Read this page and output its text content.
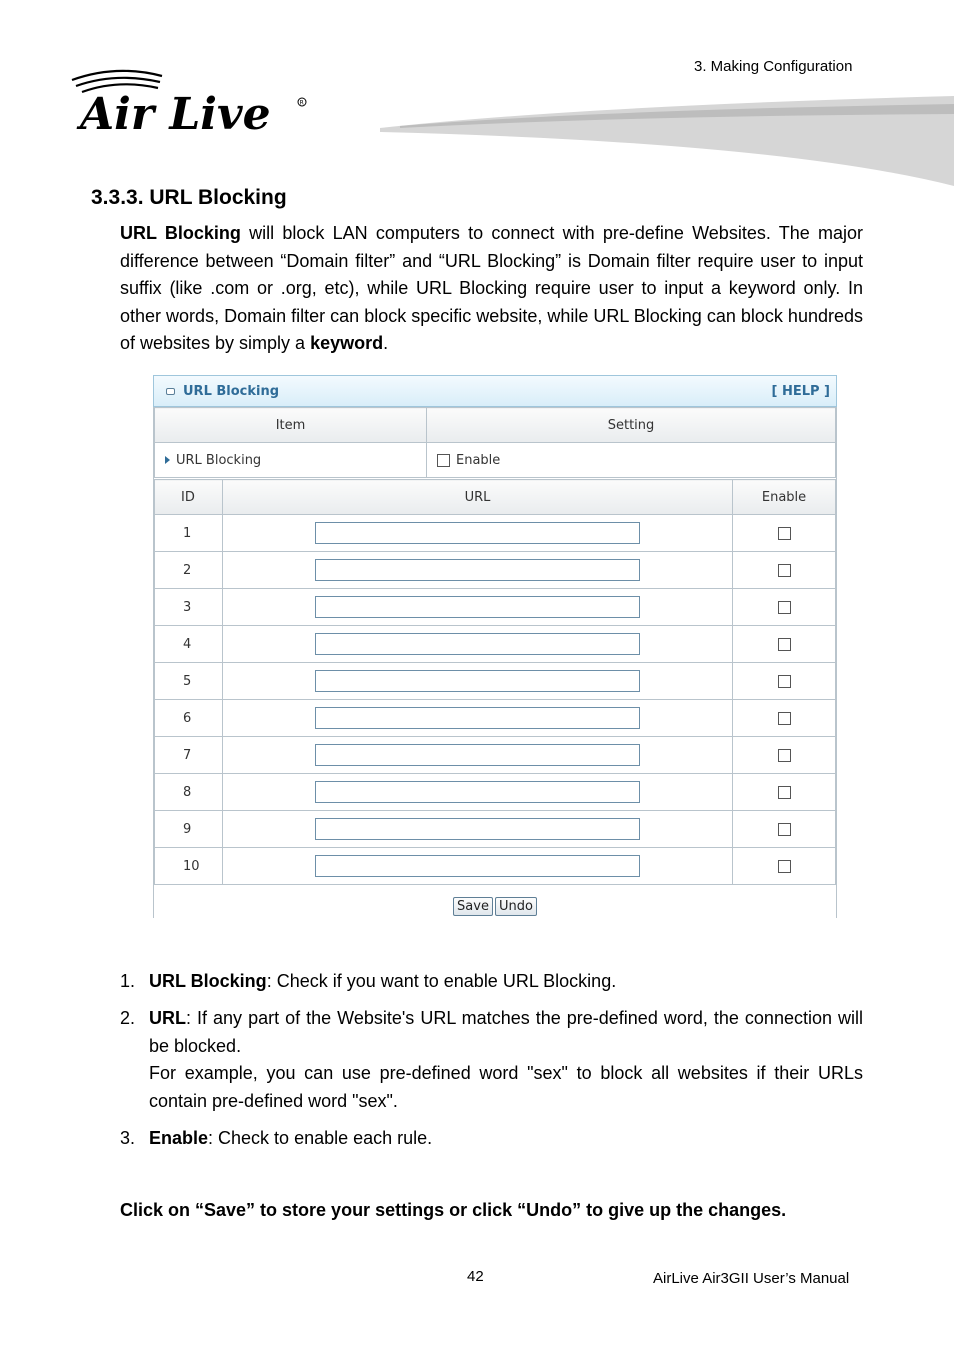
3. Making Configuration
Air Live	R
3.3.3. URL Blocking
URL Blocking will block LAN computers to connect with pre-define Websites. The major difference between “Domain filter” and “URL Blocking” is Domain filter require user to input suffix (like .com or .org, etc), while URL Blocking require user to input a keyword only. In other words, Domain filter can block specific website, while URL Blocking can block hundreds of websites by simply a keyword.
URL Blocking	[ HELP ]
Item	Setting
URL Blocking	Enable
ID	URL	Enable
1		
2		
3		
4		
5		
6		
7		
8		
9		
10		
Save Undo
1. URL Blocking: Check if you want to enable URL Blocking.
2. URL: If any part of the Website's URL matches the pre-defined word, the connection will be blocked.
For example, you can use pre-defined word "sex" to block all websites if their URLs contain pre-defined word "sex".
3. Enable: Check to enable each rule.
Click on “Save” to store your settings or click “Undo” to give up the changes.
42	AirLive Air3GII User’s Manual
